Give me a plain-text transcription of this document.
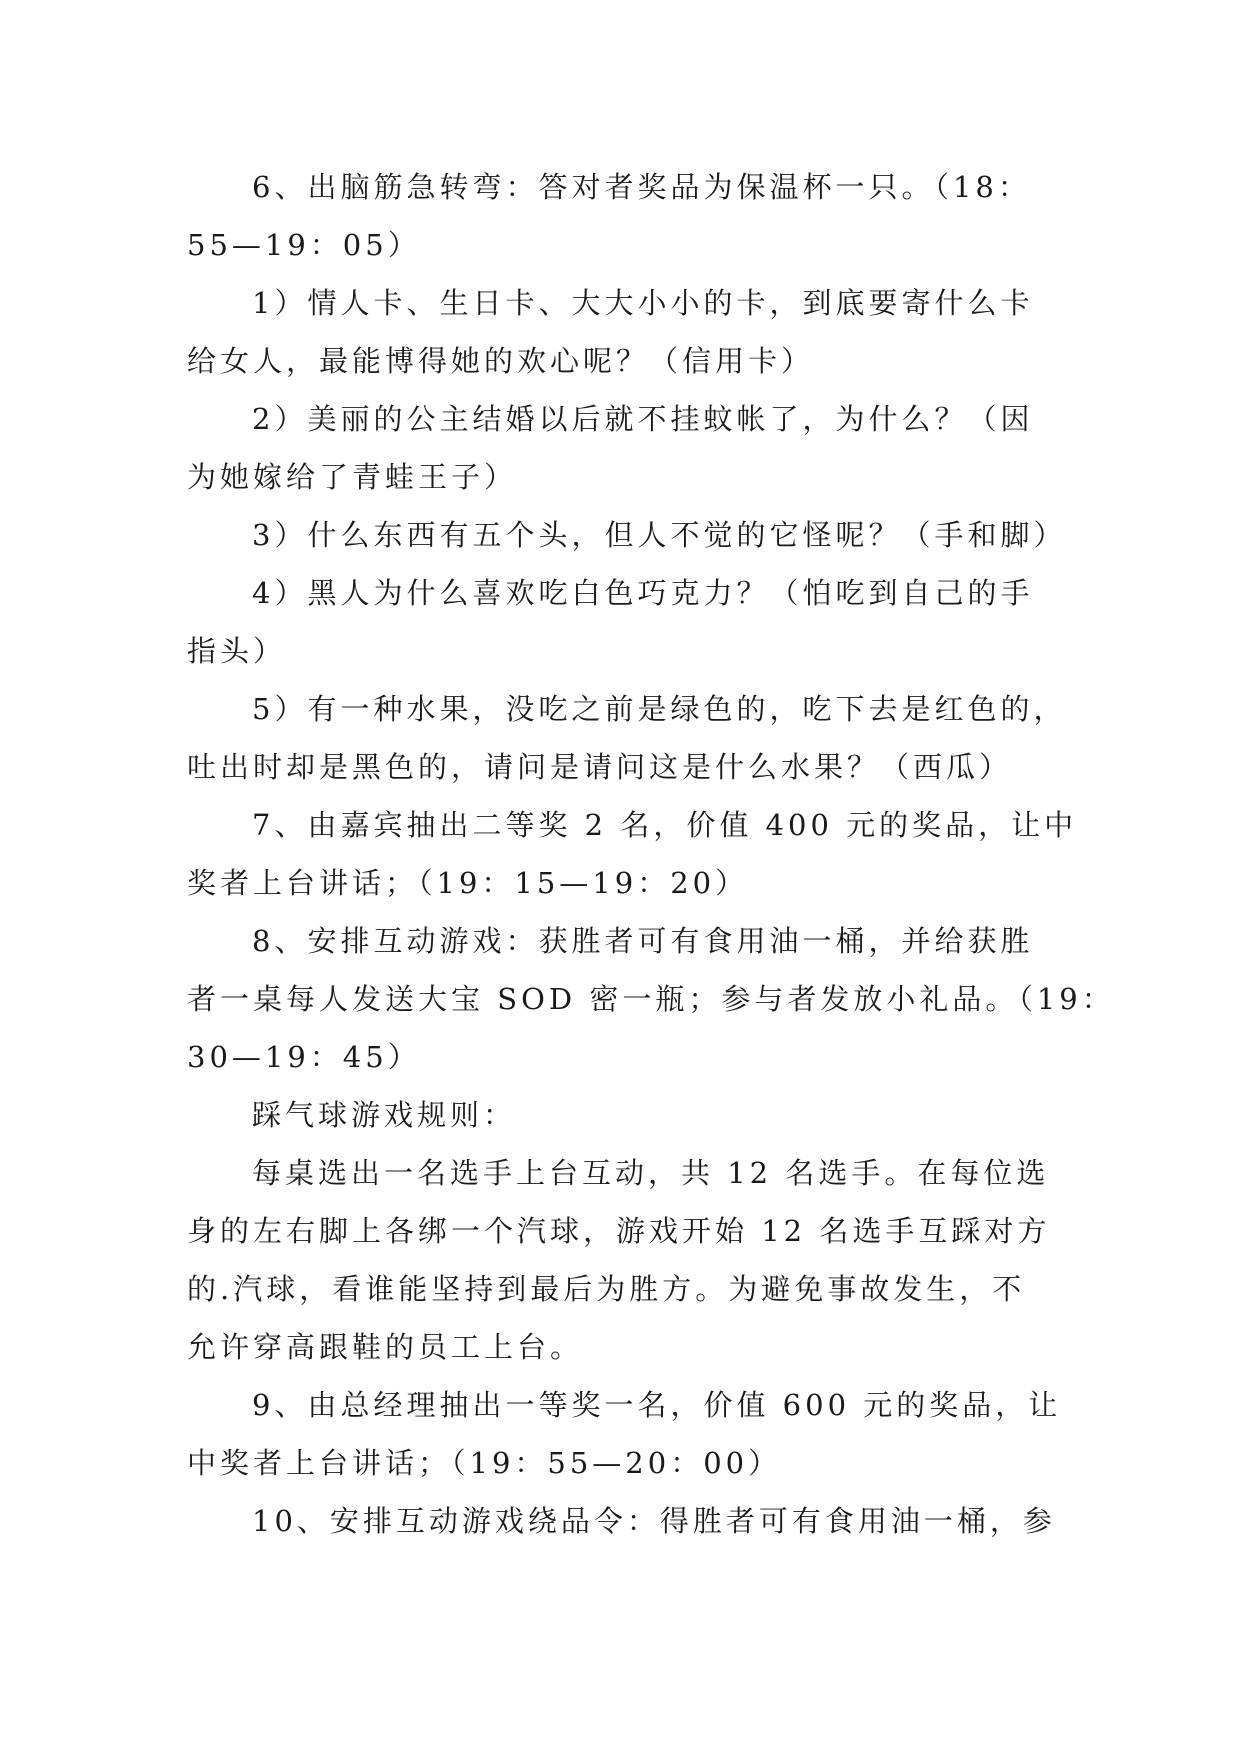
6、出脑筋急转弯：答对者奖品为保温杯一只。（18：
55—19：05）
1）情人卡、生日卡、大大小小的卡，到底要寄什么卡
给女人，最能博得她的欢心呢？（信用卡）
2）美丽的公主结婚以后就不挂蚊帐了，为什么？（因
为她嫁给了青蛙王子）
3）什么东西有五个头，但人不觉的它怪呢？（手和脚）
4）黑人为什么喜欢吃白色巧克力？（怕吃到自己的手
指头）
5）有一种水果，没吃之前是绿色的，吃下去是红色的，
吐出时却是黑色的，请问是请问这是什么水果？（西瓜）
7、由嘉宾抽出二等奖 2 名，价值 400 元的奖品，让中
奖者上台讲话；（19：15—19：20）
8、安排互动游戏：获胜者可有食用油一桶，并给获胜
者一桌每人发送大宝 SOD 密一瓶；参与者发放小礼品。（19：
30—19：45）
踩气球游戏规则：
每桌选出一名选手上台互动，共 12 名选手。在每位选
身的左右脚上各绑一个汽球，游戏开始 12 名选手互踩对方
的.汽球，看谁能坚持到最后为胜方。为避免事故发生，不
允许穿高跟鞋的员工上台。
9、由总经理抽出一等奖一名，价值 600 元的奖品，让
中奖者上台讲话；（19：55—20：00）
10、安排互动游戏绕品令：得胜者可有食用油一桶，参
